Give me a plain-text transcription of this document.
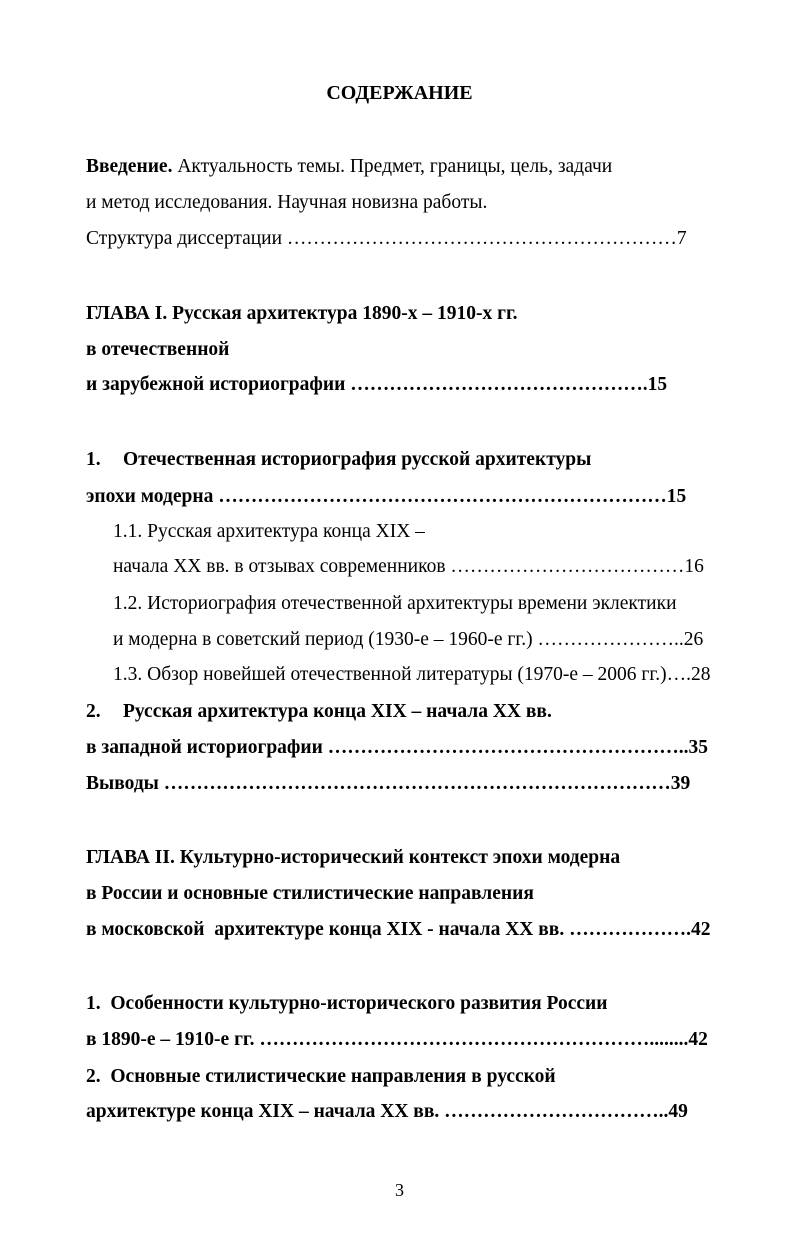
СОДЕРЖАНИЕ
Введение. Актуальность темы. Предмет, границы, цель, задачи
и метод исследования. Научная новизна работы.
Структура диссертации ……………………………………………………7
ГЛАВА I. Русская архитектура 1890-х – 1910-х гг.
в отечественной
и зарубежной историографии ……………………………………….15
1. Отечественная историография русской архитектуры
эпохи модерна ……………………………………………………………15
1.1. Русская архитектура конца XIX –
начала XX вв. в отзывах современников ………………………………16
1.2. Историография отечественной архитектуры времени эклектики
и модерна в советский период (1930-е – 1960-е гг.) …………………..26
1.3. Обзор новейшей отечественной литературы (1970-е – 2006 гг.)….28
2. Русская архитектура конца XIX – начала XX вв.
в западной историографии ………………………………………………..35
Выводы ……………………………………………………………………39
ГЛАВА II. Культурно-исторический контекст эпохи модерна
в России и основные стилистические направления
в московской  архитектуре конца XIX - начала XX вв. ……………….42
1.  Особенности культурно-исторического развития России
в 1890-е – 1910-е гг. ……………………………………………………........42
2.  Основные стилистические направления в русской
архитектуре конца XIX – начала XX вв. ……………………………..49
3
